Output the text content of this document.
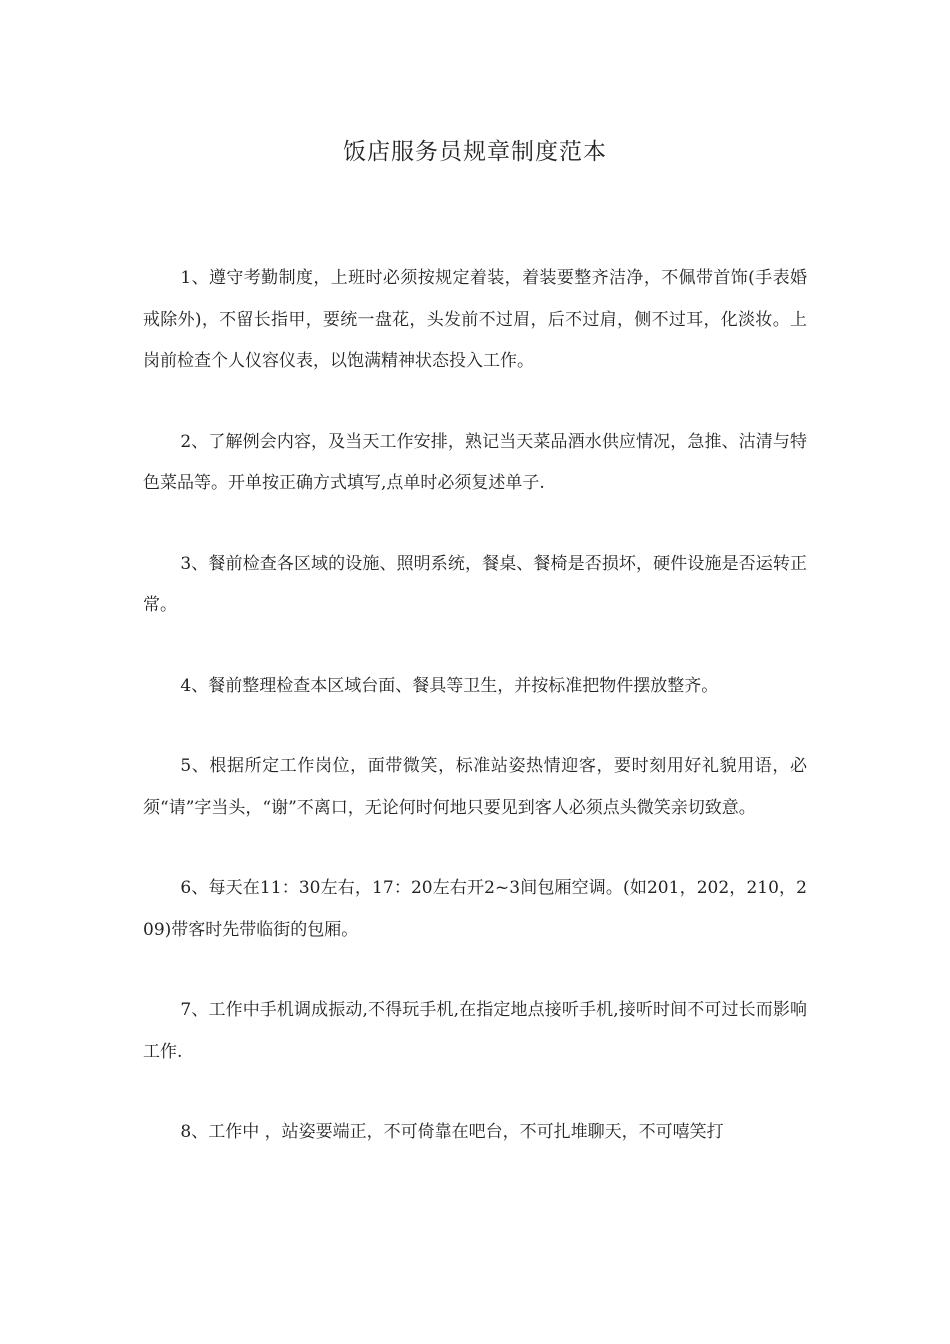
饭店服务员规章制度范本

1、遵守考勤制度，上班时必须按规定着装，着装要整齐洁净，不佩带首饰(手表婚戒除外)，不留长指甲，要统一盘花，头发前不过眉，后不过肩，侧不过耳，化淡妆。上岗前检查个人仪容仪表，以饱满精神状态投入工作。

2、了解例会内容，及当天工作安排，熟记当天菜品酒水供应情况，急推、沽清与特色菜品等。开单按正确方式填写,点单时必须复述单子.

3、餐前检查各区域的设施、照明系统，餐桌、餐椅是否损坏，硬件设施是否运转正常。

4、餐前整理检查本区域台面、餐具等卫生，并按标准把物件摆放整齐。

5、根据所定工作岗位，面带微笑，标准站姿热情迎客，要时刻用好礼貌用语，必须“请”字当头，“谢”不离口，无论何时何地只要见到客人必须点头微笑亲切致意。

6、每天在11：30左右，17：20左右开2~3间包厢空调。(如201，202，210，209)带客时先带临街的包厢。

7、工作中手机调成振动,不得玩手机,在指定地点接听手机,接听时间不可过长而影响工作.

8、工作中 ，站姿要端正，不可倚靠在吧台，不可扎堆聊天，不可嘻笑打
